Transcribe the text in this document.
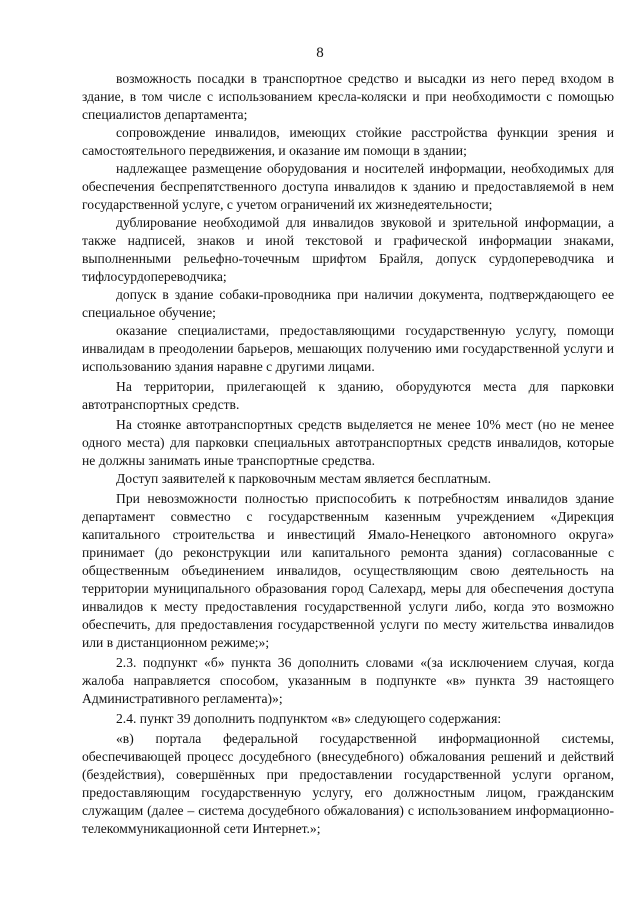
8

возможность посадки в транспортное средство и высадки из него перед входом в здание, в том числе с использованием кресла-коляски и при необходимости с помощью специалистов департамента;

сопровождение инвалидов, имеющих стойкие расстройства функции зрения и самостоятельного передвижения, и оказание им помощи в здании;

надлежащее размещение оборудования и носителей информации, необходимых для обеспечения беспрепятственного доступа инвалидов к зданию и предоставляемой в нем государственной услуге, с учетом ограничений их жизнедеятельности;

дублирование необходимой для инвалидов звуковой и зрительной информации, а также надписей, знаков и иной текстовой и графической информации знаками, выполненными рельефно-точечным шрифтом Брайля, допуск сурдопереводчика и тифлосурдопереводчика;

допуск в здание собаки-проводника при наличии документа, подтверждающего ее специальное обучение;

оказание специалистами, предоставляющими государственную услугу, помощи инвалидам в преодолении барьеров, мешающих получению ими государственной услуги и использованию здания наравне с другими лицами.

На территории, прилегающей к зданию, оборудуются места для парковки автотранспортных средств.

На стоянке автотранспортных средств выделяется не менее 10% мест (но не менее одного места) для парковки специальных автотранспортных средств инвалидов, которые не должны занимать иные транспортные средства.

Доступ заявителей к парковочным местам является бесплатным.

При невозможности полностью приспособить к потребностям инвалидов здание департамент совместно с государственным казенным учреждением «Дирекция капитального строительства и инвестиций Ямало-Ненецкого автономного округа» принимает (до реконструкции или капитального ремонта здания) согласованные с общественным объединением инвалидов, осуществляющим свою деятельность на территории муниципального образования город Салехард, меры для обеспечения доступа инвалидов к месту предоставления государственной услуги либо, когда это возможно обеспечить, для предоставления государственной услуги по месту жительства инвалидов или в дистанционном режиме;»;

2.3. подпункт «б» пункта 36 дополнить словами «(за исключением случая, когда жалоба направляется способом, указанным в подпункте «в» пункта 39 настоящего Административного регламента)»;

2.4. пункт 39 дополнить подпунктом «в» следующего содержания:

«в) портала федеральной государственной информационной системы, обеспечивающей процесс досудебного (внесудебного) обжалования решений и действий (бездействия), совершённых при предоставлении государственной услуги органом, предоставляющим государственную услугу, его должностным лицом, гражданским служащим (далее – система досудебного обжалования) с использованием информационно-телекоммуникационной сети Интернет.»;
